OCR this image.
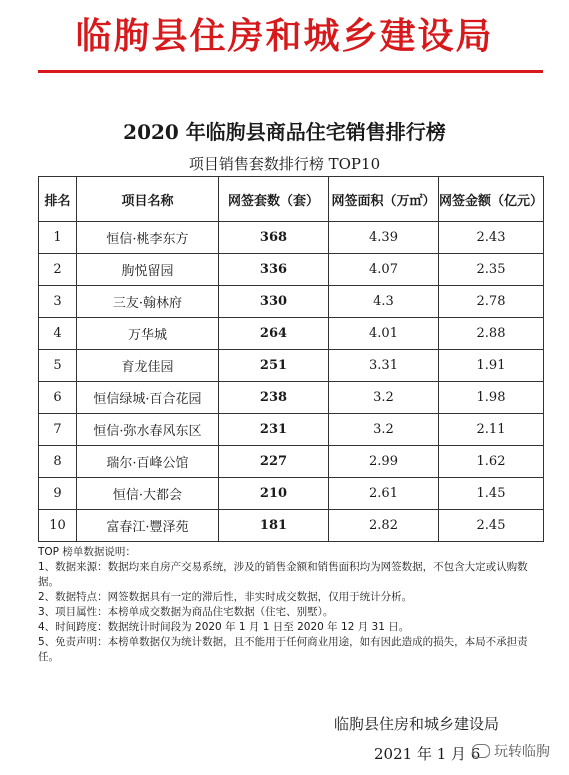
临朐县住房和城乡建设局
2020 年临朐县商品住宅销售排行榜
项目销售套数排行榜 TOP10
排名	项目名称	网签套数（套）	网签面积（万㎡）	网签金额（亿元）
1	恒信·桃李东方	368	4.39	2.43
2	朐悦留园	336	4.07	2.35
3	三友·翰林府	330	4.3	2.78
4	万华城	264	4.01	2.88
5	育龙佳园	251	3.31	1.91
6	恒信绿城·百合花园	238	3.2	1.98
7	恒信·弥水春风东区	231	3.2	2.11
8	瑞尔·百峰公馆	227	2.99	1.62
9	恒信·大都会	210	2.61	1.45
10	富春江·豐泽苑	181	2.82	2.45
TOP 榜单数据说明：
1、数据来源：数据均来自房产交易系统，涉及的销售金额和销售面积均为网签数据，不包含大定或认购数据。
2、数据特点：网签数据具有一定的滞后性，非实时成交数据，仅用于统计分析。
3、项目属性：本榜单成交数据为商品住宅数据（住宅、别墅）。
4、时间跨度：数据统计时间段为 2020 年 1 月 1 日至 2020 年 12 月 31 日。
5、免责声明：本榜单数据仅为统计数据，且不能用于任何商业用途，如有因此造成的损失，本局不承担责任。
临朐县住房和城乡建设局
2021 年 1 月 6 玩转临朐
